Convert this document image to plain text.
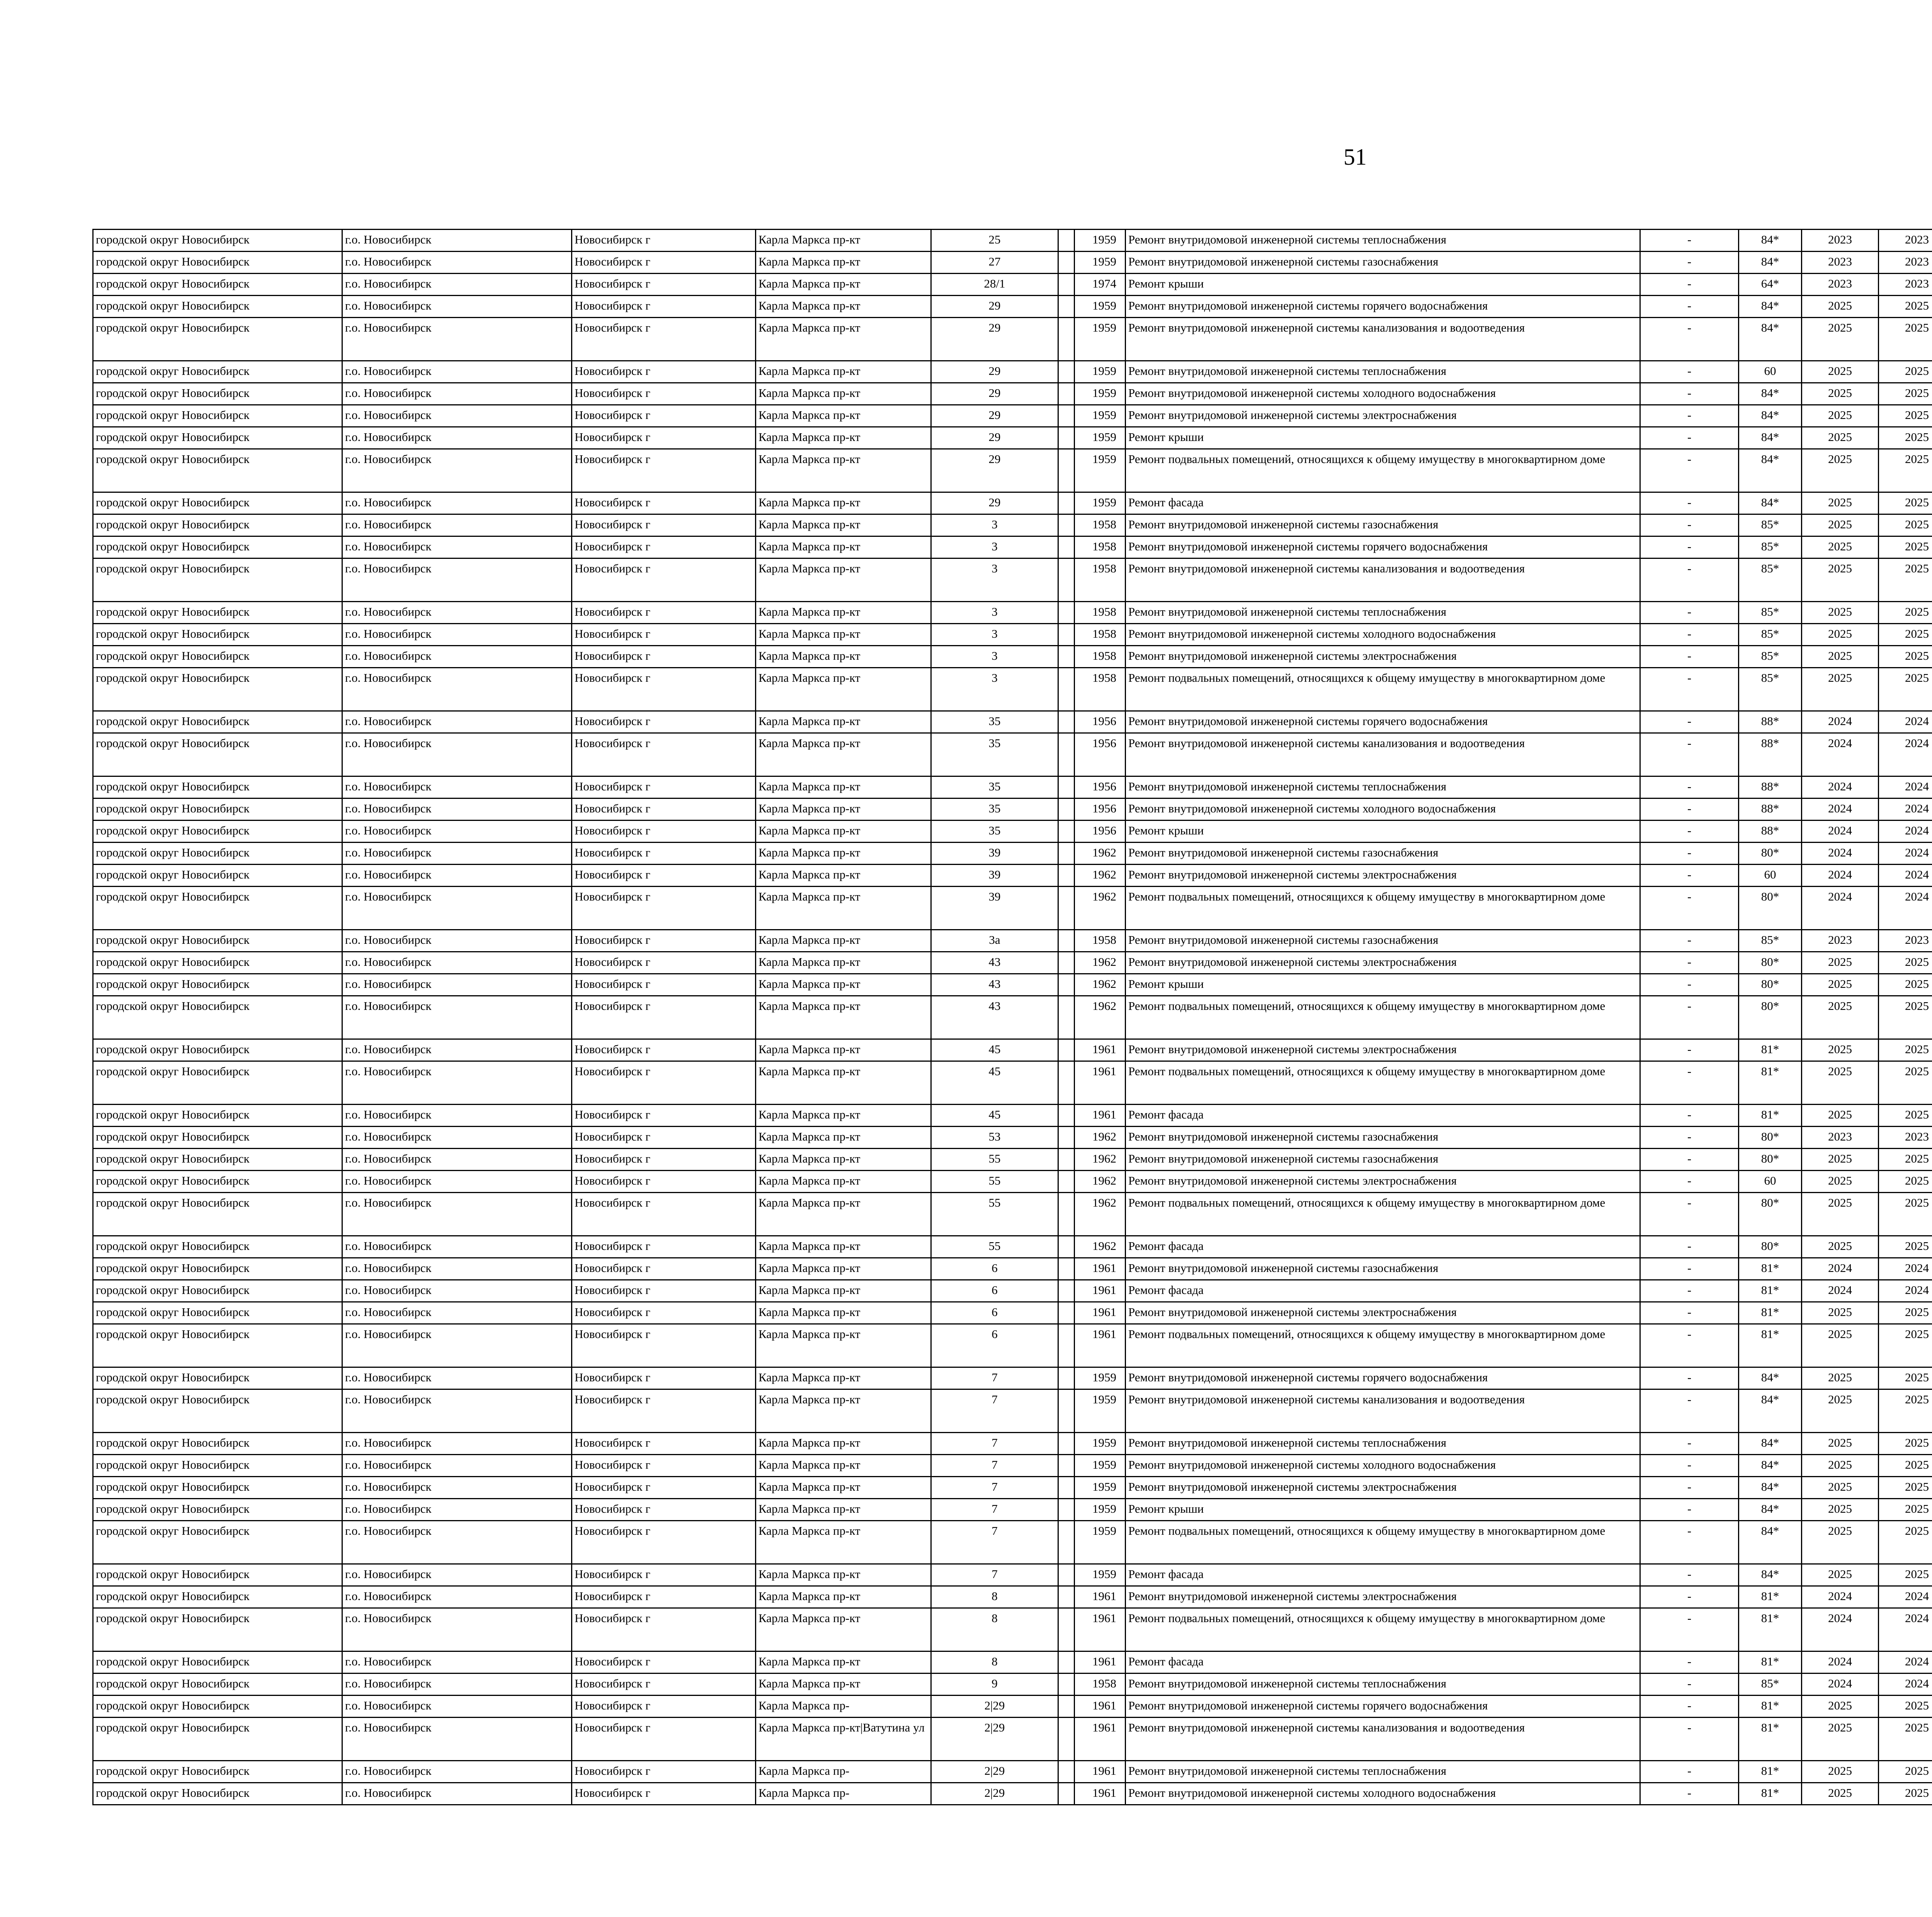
51
городской округ Новосибирск	г.о. Новосибирск	Новосибирск г	Карла Маркса пр-кт	25		1959	Ремонт внутридомовой инженерной системы теплоснабжения	-	84*	2023	2023						
городской округ Новосибирск	г.о. Новосибирск	Новосибирск г	Карла Маркса пр-кт	27		1959	Ремонт внутридомовой инженерной системы газоснабжения	-	84*	2023	2023						
городской округ Новосибирск	г.о. Новосибирск	Новосибирск г	Карла Маркса пр-кт	28/1		1974	Ремонт крыши	-	64*	2023	2023						
городской округ Новосибирск	г.о. Новосибирск	Новосибирск г	Карла Маркса пр-кт	29		1959	Ремонт внутридомовой инженерной системы горячего водоснабжения	-	84*	2025	2025						
городской округ Новосибирск	г.о. Новосибирск	Новосибирск г	Карла Маркса пр-кт	29		1959	Ремонт внутридомовой инженерной системы канализования и водоотведения	-	84*	2025	2025						
городской округ Новосибирск	г.о. Новосибирск	Новосибирск г	Карла Маркса пр-кт	29		1959	Ремонт внутридомовой инженерной системы теплоснабжения	-	60	2025	2025						
городской округ Новосибирск	г.о. Новосибирск	Новосибирск г	Карла Маркса пр-кт	29		1959	Ремонт внутридомовой инженерной системы холодного водоснабжения	-	84*	2025	2025						
городской округ Новосибирск	г.о. Новосибирск	Новосибирск г	Карла Маркса пр-кт	29		1959	Ремонт внутридомовой инженерной системы электроснабжения	-	84*	2025	2025						
городской округ Новосибирск	г.о. Новосибирск	Новосибирск г	Карла Маркса пр-кт	29		1959	Ремонт крыши	-	84*	2025	2025						
городской округ Новосибирск	г.о. Новосибирск	Новосибирск г	Карла Маркса пр-кт	29		1959	Ремонт подвальных помещений, относящихся к общему имуществу в многоквартирном доме	-	84*	2025	2025						
городской округ Новосибирск	г.о. Новосибирск	Новосибирск г	Карла Маркса пр-кт	29		1959	Ремонт фасада	-	84*	2025	2025						
городской округ Новосибирск	г.о. Новосибирск	Новосибирск г	Карла Маркса пр-кт	3		1958	Ремонт внутридомовой инженерной системы газоснабжения	-	85*	2025	2025						
городской округ Новосибирск	г.о. Новосибирск	Новосибирск г	Карла Маркса пр-кт	3		1958	Ремонт внутридомовой инженерной системы горячего водоснабжения	-	85*	2025	2025						
городской округ Новосибирск	г.о. Новосибирск	Новосибирск г	Карла Маркса пр-кт	3		1958	Ремонт внутридомовой инженерной системы канализования и водоотведения	-	85*	2025	2025						
городской округ Новосибирск	г.о. Новосибирск	Новосибирск г	Карла Маркса пр-кт	3		1958	Ремонт внутридомовой инженерной системы теплоснабжения	-	85*	2025	2025						
городской округ Новосибирск	г.о. Новосибирск	Новосибирск г	Карла Маркса пр-кт	3		1958	Ремонт внутридомовой инженерной системы холодного водоснабжения	-	85*	2025	2025						
городской округ Новосибирск	г.о. Новосибирск	Новосибирск г	Карла Маркса пр-кт	3		1958	Ремонт внутридомовой инженерной системы электроснабжения	-	85*	2025	2025						
городской округ Новосибирск	г.о. Новосибирск	Новосибирск г	Карла Маркса пр-кт	3		1958	Ремонт подвальных помещений, относящихся к общему имуществу в многоквартирном доме	-	85*	2025	2025						
городской округ Новосибирск	г.о. Новосибирск	Новосибирск г	Карла Маркса пр-кт	35		1956	Ремонт внутридомовой инженерной системы горячего водоснабжения	-	88*	2024	2024						
городской округ Новосибирск	г.о. Новосибирск	Новосибирск г	Карла Маркса пр-кт	35		1956	Ремонт внутридомовой инженерной системы канализования и водоотведения	-	88*	2024	2024						
городской округ Новосибирск	г.о. Новосибирск	Новосибирск г	Карла Маркса пр-кт	35		1956	Ремонт внутридомовой инженерной системы теплоснабжения	-	88*	2024	2024						
городской округ Новосибирск	г.о. Новосибирск	Новосибирск г	Карла Маркса пр-кт	35		1956	Ремонт внутридомовой инженерной системы холодного водоснабжения	-	88*	2024	2024						
городской округ Новосибирск	г.о. Новосибирск	Новосибирск г	Карла Маркса пр-кт	35		1956	Ремонт крыши	-	88*	2024	2024						
городской округ Новосибирск	г.о. Новосибирск	Новосибирск г	Карла Маркса пр-кт	39		1962	Ремонт внутридомовой инженерной системы газоснабжения	-	80*	2024	2024						
городской округ Новосибирск	г.о. Новосибирск	Новосибирск г	Карла Маркса пр-кт	39		1962	Ремонт внутридомовой инженерной системы электроснабжения	-	60	2024	2024						
городской округ Новосибирск	г.о. Новосибирск	Новосибирск г	Карла Маркса пр-кт	39		1962	Ремонт подвальных помещений, относящихся к общему имуществу в многоквартирном доме	-	80*	2024	2024						
городской округ Новосибирск	г.о. Новосибирск	Новосибирск г	Карла Маркса пр-кт	3а		1958	Ремонт внутридомовой инженерной системы газоснабжения	-	85*	2023	2023						
городской округ Новосибирск	г.о. Новосибирск	Новосибирск г	Карла Маркса пр-кт	43		1962	Ремонт внутридомовой инженерной системы электроснабжения	-	80*	2025	2025						
городской округ Новосибирск	г.о. Новосибирск	Новосибирск г	Карла Маркса пр-кт	43		1962	Ремонт крыши	-	80*	2025	2025						
городской округ Новосибирск	г.о. Новосибирск	Новосибирск г	Карла Маркса пр-кт	43		1962	Ремонт подвальных помещений, относящихся к общему имуществу в многоквартирном доме	-	80*	2025	2025						
городской округ Новосибирск	г.о. Новосибирск	Новосибирск г	Карла Маркса пр-кт	45		1961	Ремонт внутридомовой инженерной системы электроснабжения	-	81*	2025	2025						
городской округ Новосибирск	г.о. Новосибирск	Новосибирск г	Карла Маркса пр-кт	45		1961	Ремонт подвальных помещений, относящихся к общему имуществу в многоквартирном доме	-	81*	2025	2025						
городской округ Новосибирск	г.о. Новосибирск	Новосибирск г	Карла Маркса пр-кт	45		1961	Ремонт фасада	-	81*	2025	2025						
городской округ Новосибирск	г.о. Новосибирск	Новосибирск г	Карла Маркса пр-кт	53		1962	Ремонт внутридомовой инженерной системы газоснабжения	-	80*	2023	2023						
городской округ Новосибирск	г.о. Новосибирск	Новосибирск г	Карла Маркса пр-кт	55		1962	Ремонт внутридомовой инженерной системы газоснабжения	-	80*	2025	2025						
городской округ Новосибирск	г.о. Новосибирск	Новосибирск г	Карла Маркса пр-кт	55		1962	Ремонт внутридомовой инженерной системы электроснабжения	-	60	2025	2025						
городской округ Новосибирск	г.о. Новосибирск	Новосибирск г	Карла Маркса пр-кт	55		1962	Ремонт подвальных помещений, относящихся к общему имуществу в многоквартирном доме	-	80*	2025	2025						
городской округ Новосибирск	г.о. Новосибирск	Новосибирск г	Карла Маркса пр-кт	55		1962	Ремонт фасада	-	80*	2025	2025						
городской округ Новосибирск	г.о. Новосибирск	Новосибирск г	Карла Маркса пр-кт	6		1961	Ремонт внутридомовой инженерной системы газоснабжения	-	81*	2024	2024						
городской округ Новосибирск	г.о. Новосибирск	Новосибирск г	Карла Маркса пр-кт	6		1961	Ремонт фасада	-	81*	2024	2024						
городской округ Новосибирск	г.о. Новосибирск	Новосибирск г	Карла Маркса пр-кт	6		1961	Ремонт внутридомовой инженерной системы электроснабжения	-	81*	2025	2025						
городской округ Новосибирск	г.о. Новосибирск	Новосибирск г	Карла Маркса пр-кт	6		1961	Ремонт подвальных помещений, относящихся к общему имуществу в многоквартирном доме	-	81*	2025	2025						
городской округ Новосибирск	г.о. Новосибирск	Новосибирск г	Карла Маркса пр-кт	7		1959	Ремонт внутридомовой инженерной системы горячего водоснабжения	-	84*	2025	2025						
городской округ Новосибирск	г.о. Новосибирск	Новосибирск г	Карла Маркса пр-кт	7		1959	Ремонт внутридомовой инженерной системы канализования и водоотведения	-	84*	2025	2025						
городской округ Новосибирск	г.о. Новосибирск	Новосибирск г	Карла Маркса пр-кт	7		1959	Ремонт внутридомовой инженерной системы теплоснабжения	-	84*	2025	2025						
городской округ Новосибирск	г.о. Новосибирск	Новосибирск г	Карла Маркса пр-кт	7		1959	Ремонт внутридомовой инженерной системы холодного водоснабжения	-	84*	2025	2025						
городской округ Новосибирск	г.о. Новосибирск	Новосибирск г	Карла Маркса пр-кт	7		1959	Ремонт внутридомовой инженерной системы электроснабжения	-	84*	2025	2025						
городской округ Новосибирск	г.о. Новосибирск	Новосибирск г	Карла Маркса пр-кт	7		1959	Ремонт крыши	-	84*	2025	2025						
городской округ Новосибирск	г.о. Новосибирск	Новосибирск г	Карла Маркса пр-кт	7		1959	Ремонт подвальных помещений, относящихся к общему имуществу в многоквартирном доме	-	84*	2025	2025						
городской округ Новосибирск	г.о. Новосибирск	Новосибирск г	Карла Маркса пр-кт	7		1959	Ремонт фасада	-	84*	2025	2025						
городской округ Новосибирск	г.о. Новосибирск	Новосибирск г	Карла Маркса пр-кт	8		1961	Ремонт внутридомовой инженерной системы электроснабжения	-	81*	2024	2024						
городской округ Новосибирск	г.о. Новосибирск	Новосибирск г	Карла Маркса пр-кт	8		1961	Ремонт подвальных помещений, относящихся к общему имуществу в многоквартирном доме	-	81*	2024	2024						
городской округ Новосибирск	г.о. Новосибирск	Новосибирск г	Карла Маркса пр-кт	8		1961	Ремонт фасада	-	81*	2024	2024						
городской округ Новосибирск	г.о. Новосибирск	Новосибирск г	Карла Маркса пр-кт	9		1958	Ремонт внутридомовой инженерной системы теплоснабжения	-	85*	2024	2024						
городской округ Новосибирск	г.о. Новосибирск	Новосибирск г	Карла Маркса пр-	2|29		1961	Ремонт внутридомовой инженерной системы горячего водоснабжения	-	81*	2025	2025						
городской округ Новосибирск	г.о. Новосибирск	Новосибирск г	Карла Маркса пр-кт|Ватутина ул	2|29		1961	Ремонт внутридомовой инженерной системы канализования и водоотведения	-	81*	2025	2025						
городской округ Новосибирск	г.о. Новосибирск	Новосибирск г	Карла Маркса пр-	2|29		1961	Ремонт внутридомовой инженерной системы теплоснабжения	-	81*	2025	2025						
городской округ Новосибирск	г.о. Новосибирск	Новосибирск г	Карла Маркса пр-	2|29		1961	Ремонт внутридомовой инженерной системы холодного водоснабжения	-	81*	2025	2025						
